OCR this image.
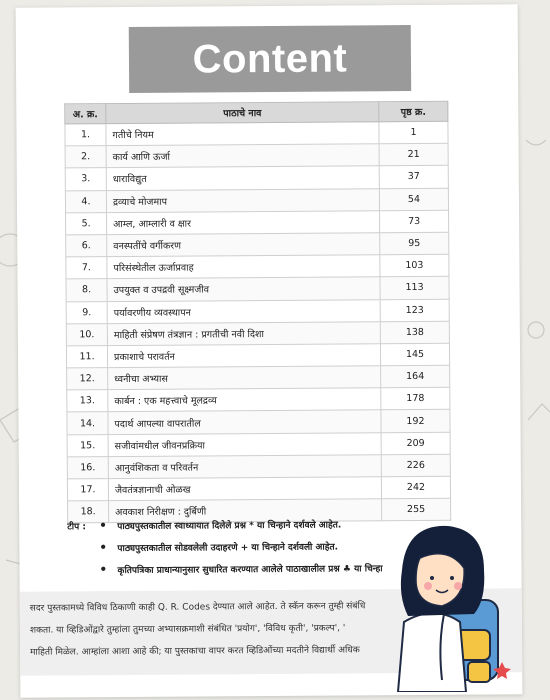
Content
अ. क्र.	पाठाचे नाव	पृष्ठ क्र.
1.	गतीचे नियम	1
2.	कार्य आणि ऊर्जा	21
3.	धाराविद्युत	37
4.	द्रव्याचे मोजमाप	54
5.	आम्ल, आम्लारी व क्षार	73
6.	वनस्पतींचे वर्गीकरण	95
7.	परिसंस्थेतील ऊर्जाप्रवाह	103
8.	उपयुक्त व उपद्रवी सूक्ष्मजीव	113
9.	पर्यावरणीय व्यवस्थापन	123
10.	माहिती संप्रेषण तंत्रज्ञान : प्रगतीची नवी दिशा	138
11.	प्रकाशाचे परावर्तन	145
12.	ध्वनीचा अभ्यास	164
13.	कार्बन : एक महत्त्वाचे मूलद्रव्य	178
14.	पदार्थ आपल्या वापरातील	192
15.	सजीवांमधील जीवनप्रक्रिया	209
16.	आनुवंशिकता व परिवर्तन	226
17.	जैवतंत्रज्ञानाची ओळख	242
18.	अवकाश निरीक्षण : दुर्बिणी	255
टीप :	• पाठ्यपुस्तकातील स्वाध्यायात दिलेले प्रश्न * या चिन्हाने दर्शवले आहेत.
• पाठ्यपुस्तकातील सोडवलेली उदाहरणे + या चिन्हाने दर्शवली आहेत.
• कृतिपत्रिका प्राधान्यानुसार सुधारित करण्यात आलेले पाठाखालील प्रश्न ♣ या चिन्हा
सदर पुस्तकामध्ये विविध ठिकाणी काही Q. R. Codes देण्यात आले आहेत. ते स्कॅन करून तुम्ही संबंधि
शकता. या व्हिडिओंद्वारे तुम्हांला तुमच्या अभ्यासक्रमाशी संबंधित 'प्रयोग', 'विविध कृती', 'प्रकल्प', '
माहिती मिळेल. आम्हांला आशा आहे की; या पुस्तकाचा वापर करत व्हिडिओंच्या मदतीने विद्यार्थी अधिक
